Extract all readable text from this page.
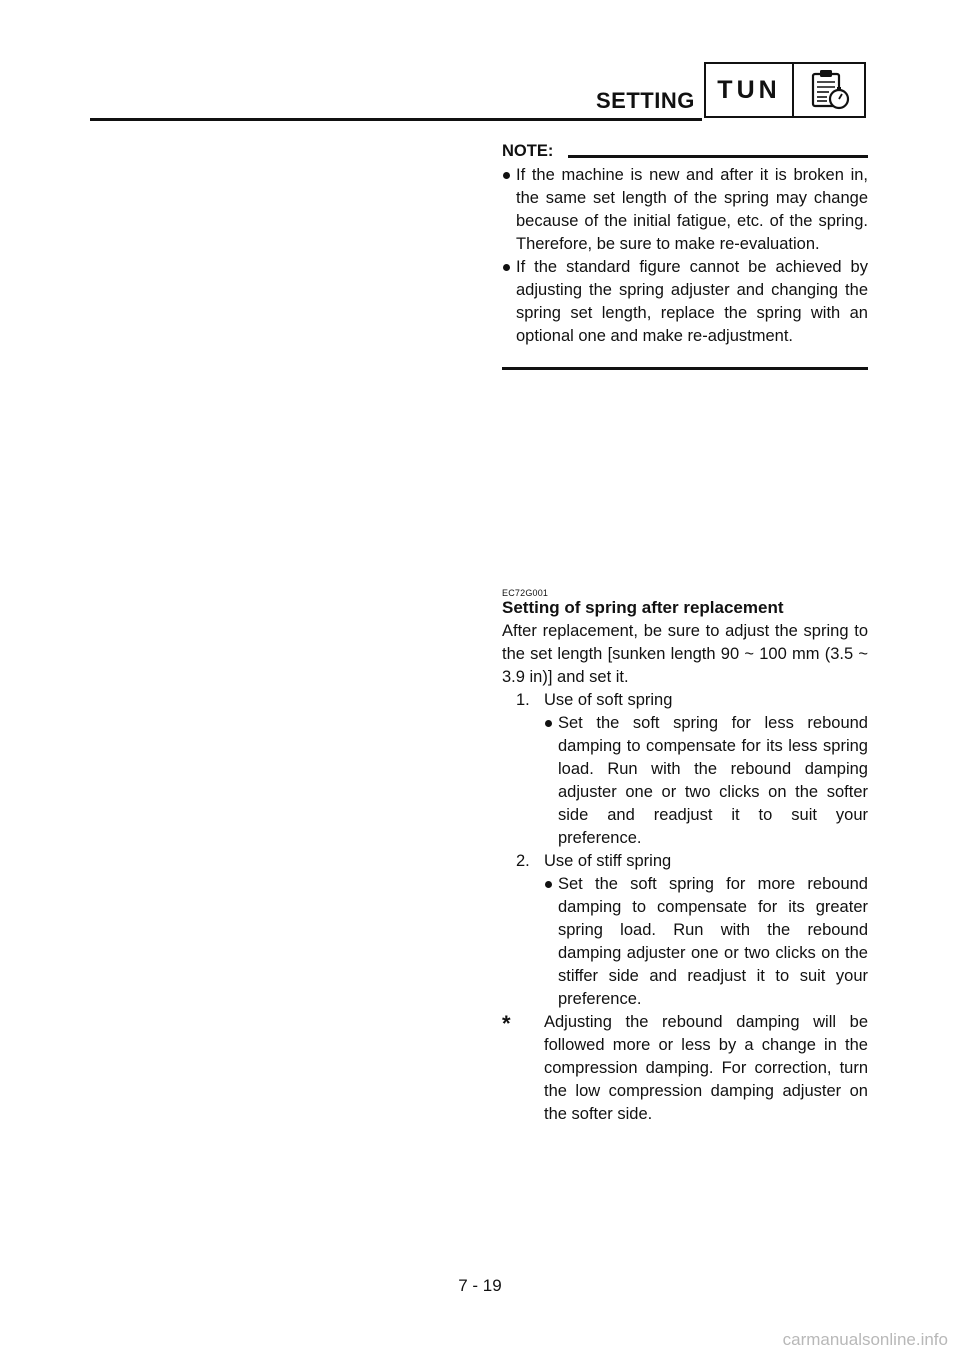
SETTING TUN
NOTE:

If the machine is new and after it is broken in, the same set length of the spring may change because of the initial fatigue, etc. of the spring. Therefore, be sure to make re-evaluation.

If the standard figure cannot be achieved by adjusting the spring adjuster and changing the spring set length, replace the spring with an optional one and make re-adjustment.

EC72G001
Setting of spring after replacement

After replacement, be sure to adjust the spring to the set length [sunken length 90 ~ 100 mm (3.5 ~ 3.9 in)] and set it.

1. Use of soft spring

Set the soft spring for less rebound damping to compensate for its less spring load. Run with the rebound damping adjuster one or two clicks on the softer side and readjust it to suit your preference.

2. Use of stiff spring

Set the soft spring for more rebound damping to compensate for its greater spring load. Run with the rebound damping adjuster one or two clicks on the stiffer side and readjust it to suit your preference.

* Adjusting the rebound damping will be followed more or less by a change in the compression damping. For correction, turn the low compression damping adjuster on the softer side.

7 - 19
carmanualsonline.info
